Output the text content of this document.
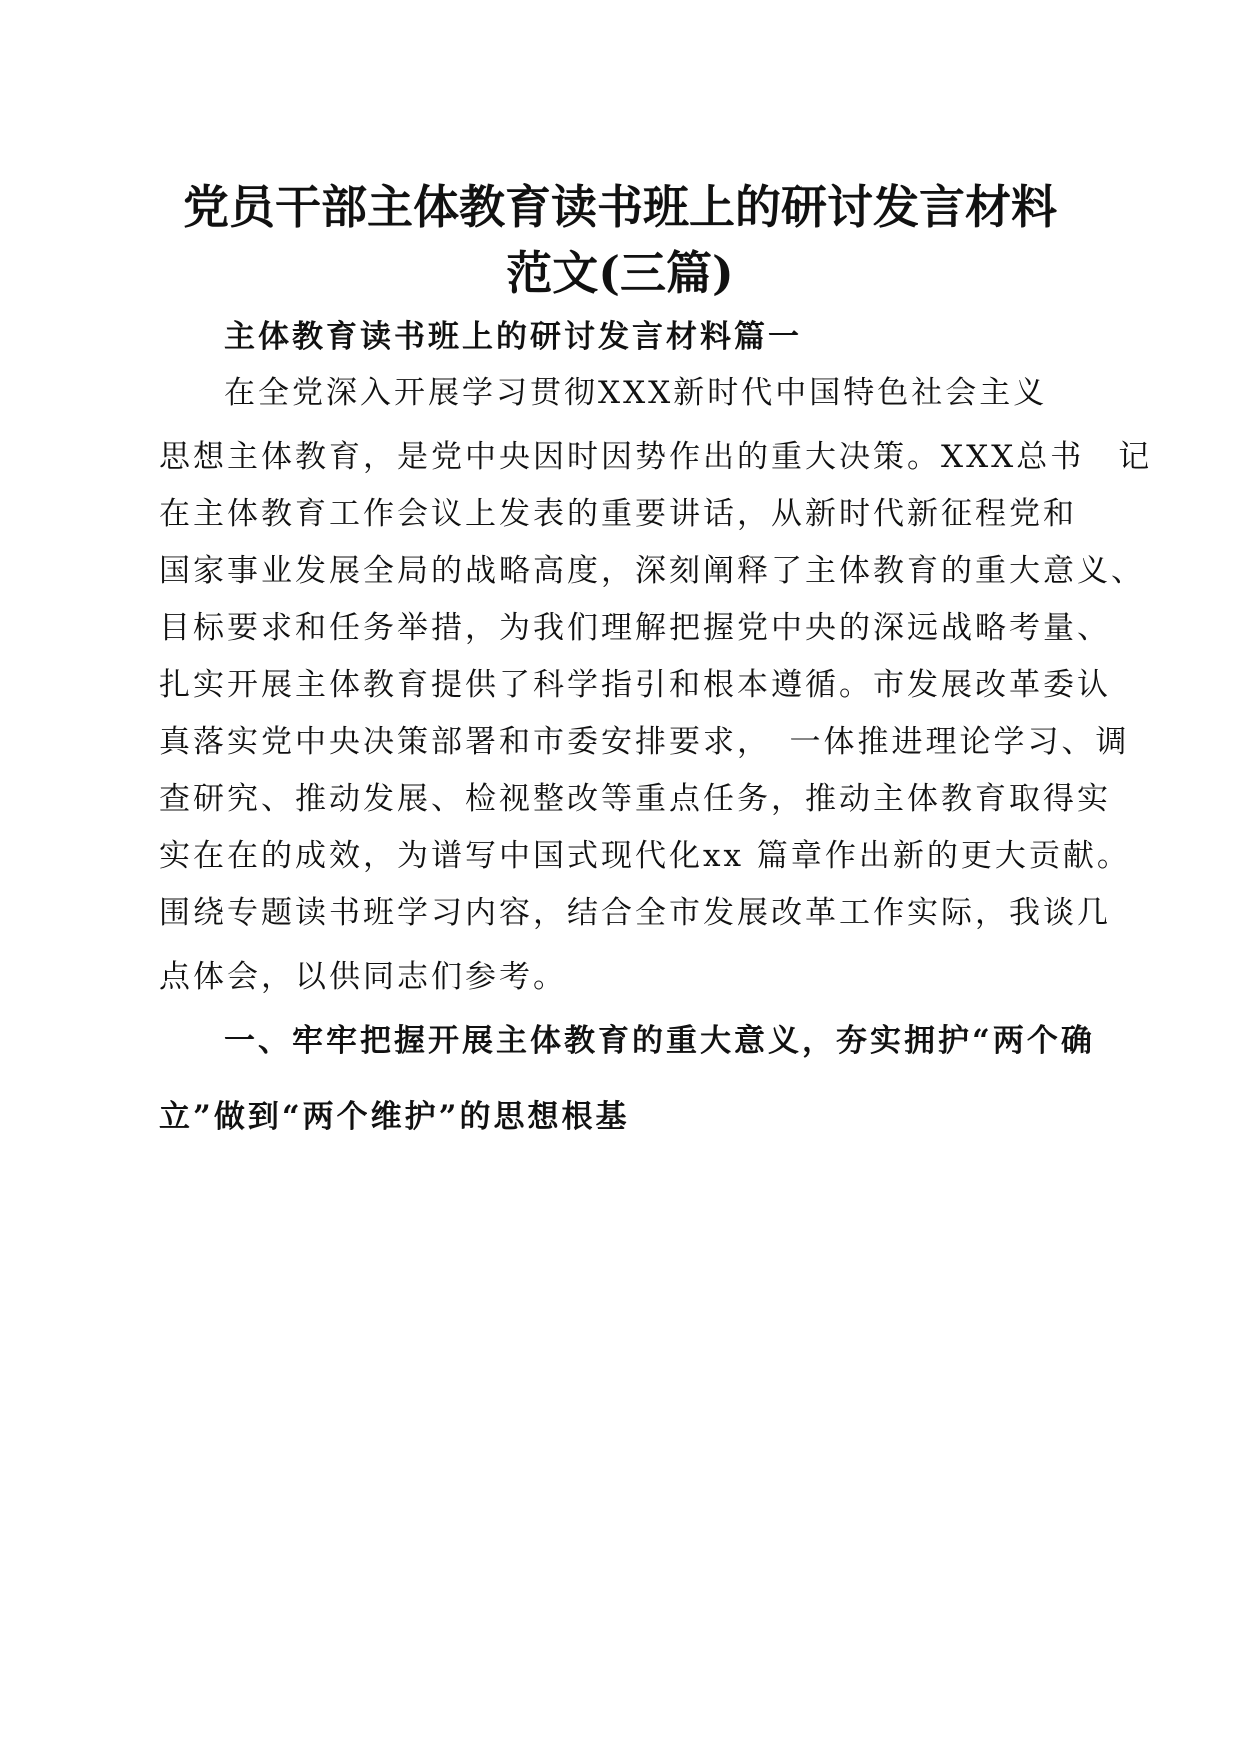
党员干部主体教育读书班上的研讨发言材料
范文(三篇)
主体教育读书班上的研讨发言材料篇一
在全党深入开展学习贯彻XXX新时代中国特色社会主义
思想主体教育，是党中央因时因势作出的重大决策。XXX总书　记
在主体教育工作会议上发表的重要讲话，从新时代新征程党和
国家事业发展全局的战略高度，深刻阐释了主体教育的重大意义、
目标要求和任务举措，为我们理解把握党中央的深远战略考量、
扎实开展主体教育提供了科学指引和根本遵循。市发展改革委认
真落实党中央决策部署和市委安排要求，　一体推进理论学习、调
查研究、推动发展、检视整改等重点任务，推动主体教育取得实
实在在的成效，为谱写中国式现代化xx 篇章作出新的更大贡献。
围绕专题读书班学习内容，结合全市发展改革工作实际，我谈几
点体会，以供同志们参考。
一、牢牢把握开展主体教育的重大意义，夯实拥护“两个确
立”做到“两个维护”的思想根基
